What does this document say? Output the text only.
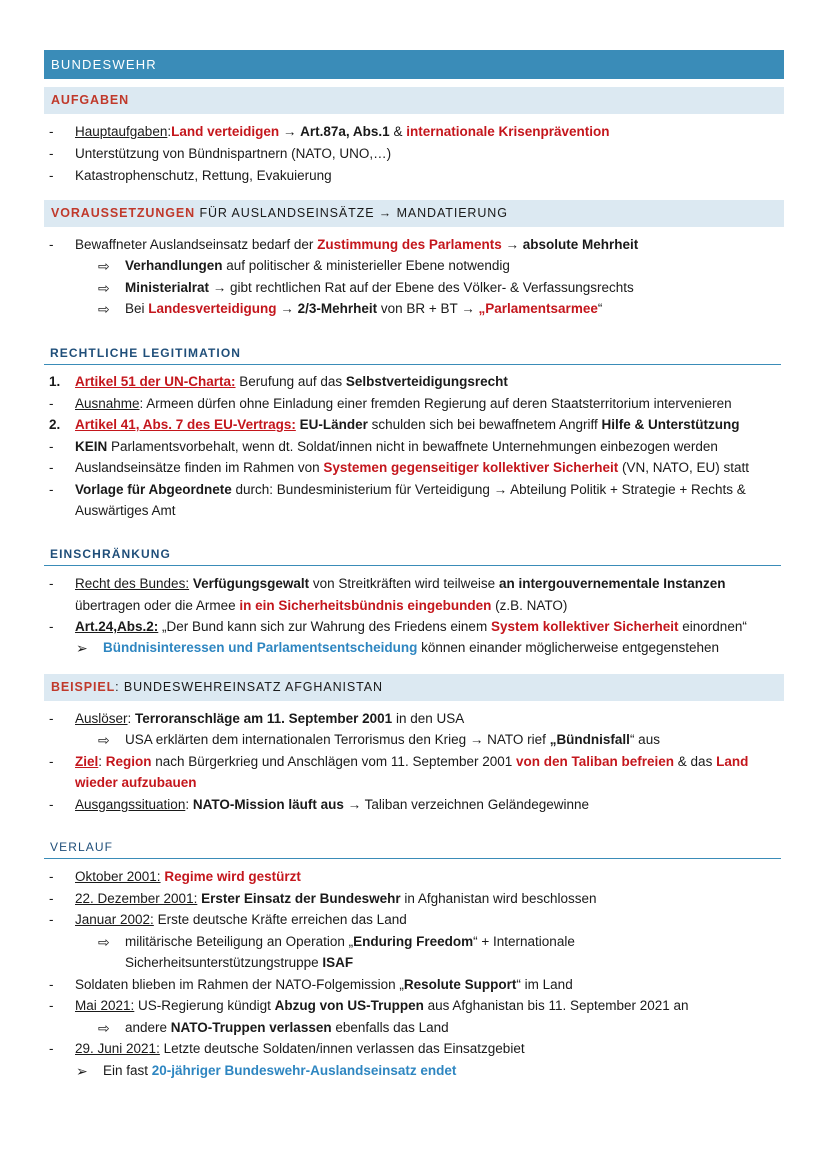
BUNDESWEHR
AUFGABEN
-	Hauptaufgaben:Land verteidigen → Art.87a, Abs.1 & internationale Krisenprävention
-	Unterstützung von Bündnispartnern (NATO, UNO,…)
-	Katastrophenschutz, Rettung, Evakuierung
VORAUSSETZUNGEN FÜR AUSLANDSEINSÄTZE → MANDATIERUNG
-	Bewaffneter Auslandseinsatz bedarf der Zustimmung des Parlaments → absolute Mehrheit
⇨	Verhandlungen auf politischer & ministerieller Ebene notwendig
⇨	Ministerialrat → gibt rechtlichen Rat auf der Ebene des Völker- & Verfassungsrechts
⇨	Bei Landesverteidigung → 2/3-Mehrheit von BR + BT → „Parlamentsarmee“
RECHTLICHE LEGITIMATION
1.	Artikel 51 der UN-Charta: Berufung auf das Selbstverteidigungsrecht
-	Ausnahme: Armeen dürfen ohne Einladung einer fremden Regierung auf deren Staatsterritorium intervenieren
2.	Artikel 41, Abs. 7 des EU-Vertrags: EU-Länder schulden sich bei bewaffnetem Angriff Hilfe & Unterstützung
-	KEIN Parlamentsvorbehalt, wenn dt. Soldat/innen nicht in bewaffnete Unternehmungen einbezogen werden
-	Auslandseinsätze finden im Rahmen von Systemen gegenseitiger kollektiver Sicherheit (VN, NATO, EU) statt
-	Vorlage für Abgeordnete durch: Bundesministerium für Verteidigung → Abteilung Politik + Strategie + Rechts &
Auswärtiges Amt
EINSCHRÄNKUNG
-	Recht des Bundes: Verfügungsgewalt von Streitkräften wird teilweise an intergouvernementale Instanzen
übertragen oder die Armee in ein Sicherheitsbündnis eingebunden (z.B. NATO)
-	Art.24,Abs.2: „Der Bund kann sich zur Wahrung des Friedens einem System kollektiver Sicherheit einordnen“
➢	Bündnisinteressen und Parlamentsentscheidung können einander möglicherweise entgegenstehen
BEISPIEL: BUNDESWEHREINSATZ AFGHANISTAN
-	Auslöser: Terroranschläge am 11. September 2001 in den USA
⇨	USA erklärten dem internationalen Terrorismus den Krieg → NATO rief „Bündnisfall“ aus
-	Ziel: Region nach Bürgerkrieg und Anschlägen vom 11. September 2001 von den Taliban befreien & das Land
wieder aufzubauen
-	Ausgangssituation: NATO-Mission läuft aus → Taliban verzeichnen Geländegewinne
VERLAUF
-	Oktober 2001: Regime wird gestürzt
-	22. Dezember 2001: Erster Einsatz der Bundeswehr in Afghanistan wird beschlossen
-	Januar 2002: Erste deutsche Kräfte erreichen das Land
⇨	militärische Beteiligung an Operation „Enduring Freedom“ + Internationale
Sicherheitsunterstützungstruppe ISAF
-	Soldaten blieben im Rahmen der NATO-Folgemission „Resolute Support“ im Land
-	Mai 2021: US-Regierung kündigt Abzug von US-Truppen aus Afghanistan bis 11. September 2021 an
⇨	andere NATO-Truppen verlassen ebenfalls das Land
-	29. Juni 2021: Letzte deutsche Soldaten/innen verlassen das Einsatzgebiet
➢	Ein fast 20-jähriger Bundeswehr-Auslandseinsatz endet
